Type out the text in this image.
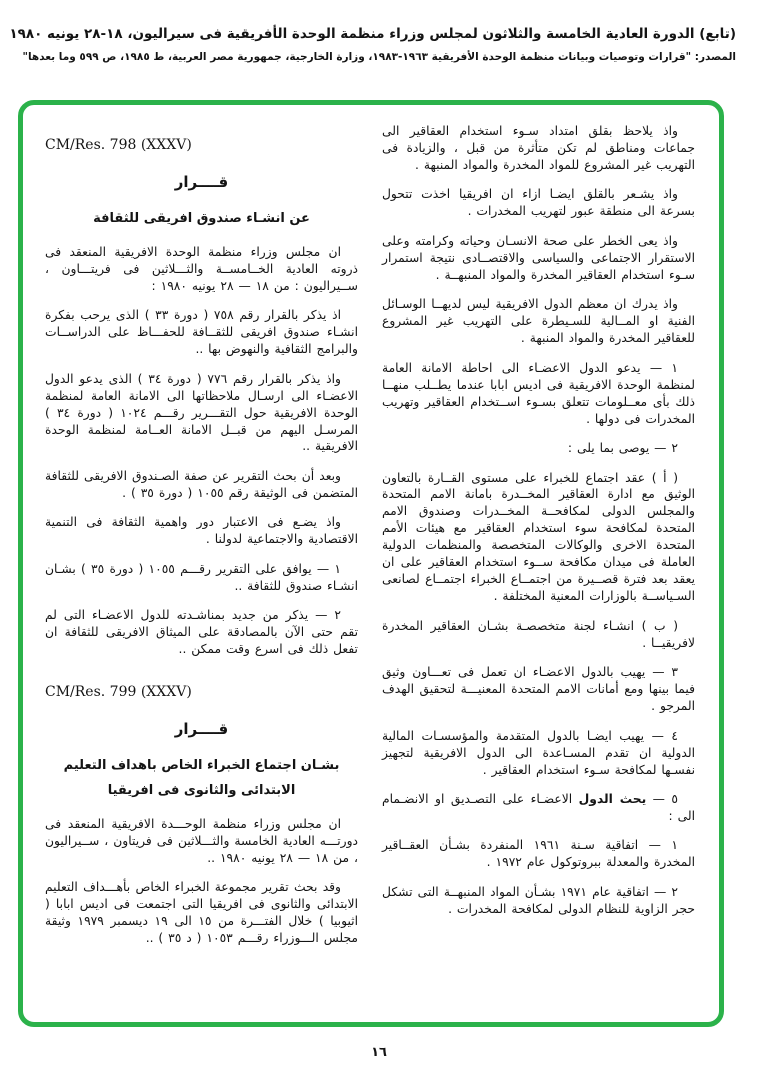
(تابع) الدورة العادية الخامسة والثلاثون لمجلس وزراء منظمة الوحدة الأفريقية فى سيراليون، ١٨-٢٨ يونيه ١٩٨٠
المصدر: "قرارات وتوصيات وبيانات منظمة الوحدة الأفريقية ١٩٦٣-١٩٨٣، وزارة الخارجية، جمهورية مصر العربية، ط ١٩٨٥، ص ٥٩٩ وما بعدها"

واذ يلاحظ بقلق امتداد سـوء استخدام العقاقير الى جماعات ومناطق لم تكن متأثرة من قبل ، والزيادة فى التهريب غير المشروع للمواد المخدرة والمواد المنبهة .

واذ يشـعر بالقلق ايضـا ازاء ان افريقيا اخذت تتحول بسرعة الى منطقة عبور لتهريب المخدرات .

واذ يعى الخطر على صحة الانسـان وحياته وكرامته وعلى الاستقرار الاجتماعى والسياسى والاقتصــادى نتيجة استمرار سـوء استخدام العقاقير المخدرة والمواد المنبهــة .

واذ يدرك ان معظم الدول الافريقية ليس لديهــا الوسـائل الفنية او المــالية للسـيطرة على التهريب غير المشروع للعقاقير المخدرة والمواد المنبهة .

١ — يدعو الدول الاعضـاء الى احاطة الامانة العامة لمنظمة الوحدة الافريقية فى اديس ابابا عندما يطــلب منهــا ذلك بأى معــلومات تتعلق بسـوء اســتخدام العقاقير وتهريب المخدرات فى دولها .

٢ — يوصى بما يلى :

( أ ) عقد اجتماع للخبراء على مستوى القــارة بالتعاون الوثيق مع ادارة العقاقير المخــدرة بامانة الامم المتحدة والمجلس الدولى لمكافحــة المخــدرات وصندوق الامم المتحدة لمكافحة سوء استخدام العقاقير مع هيئات الأمم المتحدة الاخرى والوكالات المتخصصة والمنظمات الدولية العاملة فى ميدان مكافحة ســوء استخدام العقاقير على ان يعقد بعد فترة قصــيرة من اجتمــاع الخبراء اجتمــاع لصانعى السـياســة بالوزارات المعنية المختلفة .

( ب ) انشـاء لجنة متخصصـة بشـان العقاقير المخدرة لافريقيــا .

٣ — يهيب بالدول الاعضـاء ان تعمل فى تعـــاون وثيق فيما بينها ومع أمانات الامم المتحدة المعنيـــة لتحقيق الهدف المرجو .

٤ — يهيب ايضـا بالدول المتقدمة والمؤسسـات المالية الدولية ان تقدم المسـاعدة الى الدول الافريقية لتجهيز نفسـها لمكافحة سـوء استخدام العقاقير .

٥ — يحث الدول الاعضـاء على التصـديق او الانضـمام الى :

١ — اتفاقية سـنة ١٩٦١ المنفردة بشـأن العقــاقير المخدرة والمعدلة ببروتوكول عام ١٩٧٢ .

٢ — اتفاقية عام ١٩٧١ بشـأن المواد المنبهــة التى تشكل حجر الزاوية للنظام الدولى لمكافحة المخدرات .

CM/Res. 798 (XXXV)
قــــرار
عن انشـاء صندوق افريقى للثقافة

ان مجلس وزراء منظمة الوحدة الافريقية المنعقد فى ذروته العادية الخــامســة والثـــلاثين فى فريتـــاون ، ســيراليون : من ١٨ — ٢٨ يونيه ١٩٨٠ :

اذ يذكر بالقرار رقم ٧٥٨ ( دورة ٣٣ ) الذى يرحب بفكرة انشـاء صندوق افريقى للثقــافة للحفـــاظ على الدراســات والبرامج الثقافية والنهوض بها ..

واذ يذكر بالقرار رقم ٧٧٦ ( دورة ٣٤ ) الذى يدعو الدول الاعضـاء الى ارسـال ملاحظاتها الى الامانة العامة لمنظمة الوحدة الافريقية حول التقـــرير رقـــم ١٠٢٤ ( دورة ٣٤ ) المرسـل اليهم من قبــل الامانة العــامة لمنظمة الوحدة الافريقية ..

وبعد أن بحث التقرير عن صفة الصـندوق الافريقى للثقافة المتضمن فى الوثيقة رقم ١٠٥٥ ( دورة ٣٥ ) .

واذ يضـع فى الاعتبار دور واهمية الثقافة فى التنمية الاقتصادية والاجتماعية لدولنا .

١ — يوافق على التقرير رقـــم ١٠٥٥ ( دورة ٣٥ ) بشـان انشـاء صندوق للثقافة ..

٢ — يذكر من جديد بمناشـدته للدول الاعضـاء التى لم تقم حتى الآن بالمصادقة على الميثاق الافريقى للثقافة ان تفعل ذلك فى اسرع وقت ممكن ..

CM/Res. 799 (XXXV)
قــــرار
بشـان اجتماع الخبراء الخاص باهداف التعليم
الابتدائى والثانوى فى افريقيا

ان مجلس وزراء منظمة الوحـــدة الافريقية المنعقد فى دورتـــه العادية الخامسة والثـــلاثين فى فريتاون ، ســيراليون ، من ١٨ — ٢٨ يونيه ١٩٨٠ ..

وقد بحث تقرير مجموعة الخبراء الخاص بأهـــداف التعليم الابتدائى والثانوى فى افريقيا التى اجتمعت فى اديس ابابا ( اثيوبيا ) خلال الفتـــرة من ١٥ الى ١٩ ديسمبر ١٩٧٩ وثيقة مجلس الـــوزراء رقـــم ١٠٥٣ ( د ٣٥ ) ..

١٦
